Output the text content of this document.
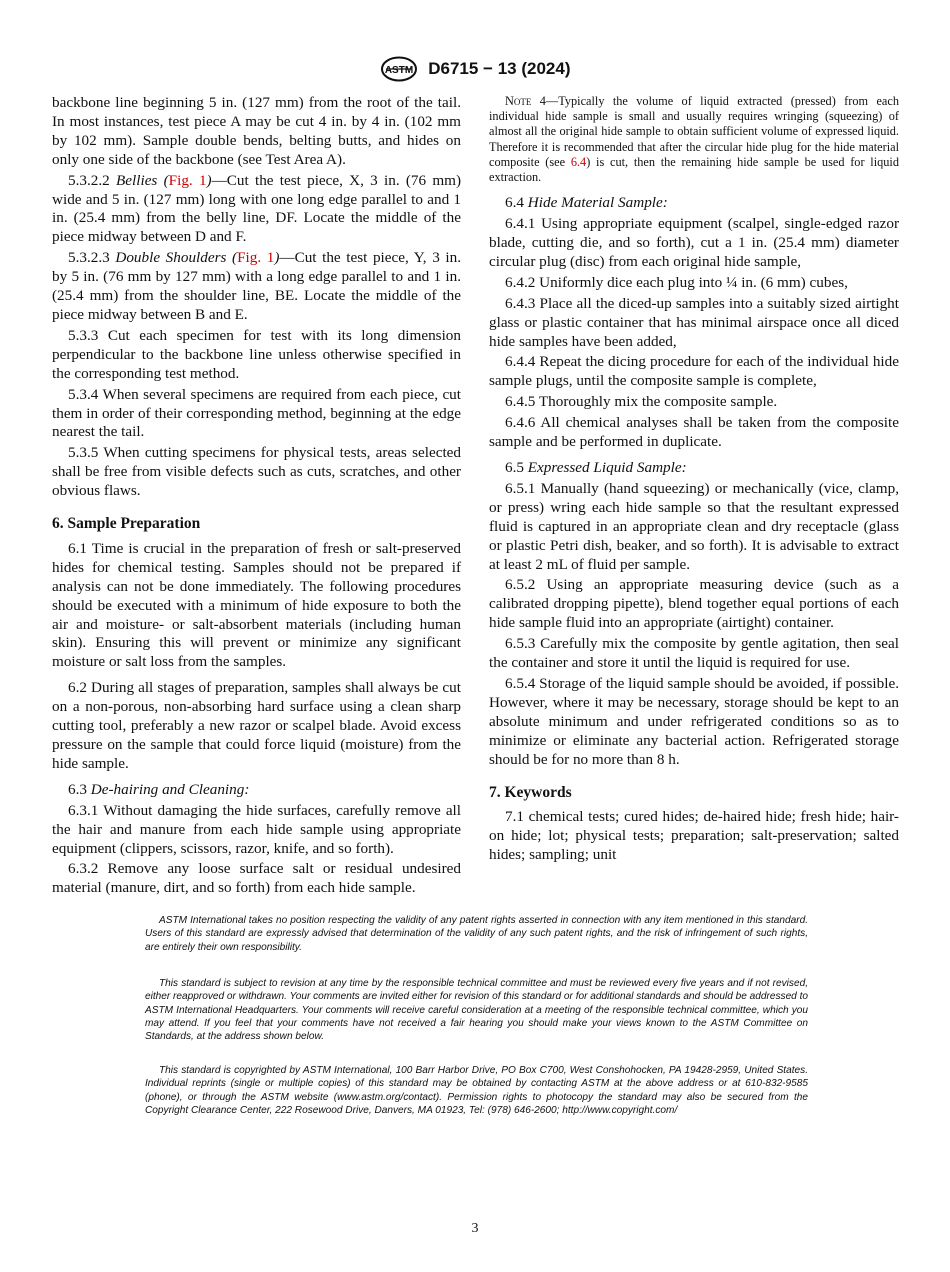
ASTM D6715 − 13 (2024)

backbone line beginning 5 in. (127 mm) from the root of the tail. In most instances, test piece A may be cut 4 in. by 4 in. (102 mm by 102 mm). Sample double bends, belting butts, and hides on only one side of the backbone (see Test Area A).

5.3.2.2 Bellies (Fig. 1)—Cut the test piece, X, 3 in. (76 mm) wide and 5 in. (127 mm) long with one long edge parallel to and 1 in. (25.4 mm) from the belly line, DF. Locate the middle of the piece midway between D and F.

5.3.2.3 Double Shoulders (Fig. 1)—Cut the test piece, Y, 3 in. by 5 in. (76 mm by 127 mm) with a long edge parallel to and 1 in. (25.4 mm) from the shoulder line, BE. Locate the middle of the piece midway between B and E.

5.3.3 Cut each specimen for test with its long dimension perpendicular to the backbone line unless otherwise specified in the corresponding test method.

5.3.4 When several specimens are required from each piece, cut them in order of their corresponding method, beginning at the edge nearest the tail.

5.3.5 When cutting specimens for physical tests, areas selected shall be free from visible defects such as cuts, scratches, and other obvious flaws.

6. Sample Preparation

6.1 Time is crucial in the preparation of fresh or salt-preserved hides for chemical testing. Samples should not be prepared if analysis can not be done immediately. The following procedures should be executed with a minimum of hide exposure to both the air and moisture- or salt-absorbent materials (including human skin). Ensuring this will prevent or minimize any significant moisture or salt loss from the samples.

6.2 During all stages of preparation, samples shall always be cut on a non-porous, non-absorbing hard surface using a clean sharp cutting tool, preferably a new razor or scalpel blade. Avoid excess pressure on the sample that could force liquid (moisture) from the hide sample.

6.3 De-hairing and Cleaning:

6.3.1 Without damaging the hide surfaces, carefully remove all the hair and manure from each hide sample using appropriate equipment (clippers, scissors, razor, knife, and so forth).

6.3.2 Remove any loose surface salt or residual undesired material (manure, dirt, and so forth) from each hide sample.

Note 4—Typically the volume of liquid extracted (pressed) from each individual hide sample is small and usually requires wringing (squeezing) of almost all the original hide sample to obtain sufficient volume of expressed liquid. Therefore it is recommended that after the circular hide plug for the hide material composite (see 6.4) is cut, then the remaining hide sample be used for liquid extraction.

6.4 Hide Material Sample:

6.4.1 Using appropriate equipment (scalpel, single-edged razor blade, cutting die, and so forth), cut a 1 in. (25.4 mm) diameter circular plug (disc) from each original hide sample,

6.4.2 Uniformly dice each plug into ¼ in. (6 mm) cubes,

6.4.3 Place all the diced-up samples into a suitably sized airtight glass or plastic container that has minimal airspace once all diced hide samples have been added,

6.4.4 Repeat the dicing procedure for each of the individual hide sample plugs, until the composite sample is complete,

6.4.5 Thoroughly mix the composite sample.

6.4.6 All chemical analyses shall be taken from the composite sample and be performed in duplicate.

6.5 Expressed Liquid Sample:

6.5.1 Manually (hand squeezing) or mechanically (vice, clamp, or press) wring each hide sample so that the resultant expressed fluid is captured in an appropriate clean and dry receptacle (glass or plastic Petri dish, beaker, and so forth). It is advisable to extract at least 2 mL of fluid per sample.

6.5.2 Using an appropriate measuring device (such as a calibrated dropping pipette), blend together equal portions of each hide sample fluid into an appropriate (airtight) container.

6.5.3 Carefully mix the composite by gentle agitation, then seal the container and store it until the liquid is required for use.

6.5.4 Storage of the liquid sample should be avoided, if possible. However, where it may be necessary, storage should be kept to an absolute minimum and under refrigerated conditions so as to minimize or eliminate any bacterial action. Refrigerated storage should be for no more than 8 h.

7. Keywords

7.1 chemical tests; cured hides; de-haired hide; fresh hide; hair-on hide; lot; physical tests; preparation; salt-preservation; salted hides; sampling; unit

ASTM International takes no position respecting the validity of any patent rights asserted in connection with any item mentioned in this standard. Users of this standard are expressly advised that determination of the validity of any such patent rights, and the risk of infringement of such rights, are entirely their own responsibility.

This standard is subject to revision at any time by the responsible technical committee and must be reviewed every five years and if not revised, either reapproved or withdrawn. Your comments are invited either for revision of this standard or for additional standards and should be addressed to ASTM International Headquarters. Your comments will receive careful consideration at a meeting of the responsible technical committee, which you may attend. If you feel that your comments have not received a fair hearing you should make your views known to the ASTM Committee on Standards, at the address shown below.

This standard is copyrighted by ASTM International, 100 Barr Harbor Drive, PO Box C700, West Conshohocken, PA 19428-2959, United States. Individual reprints (single or multiple copies) of this standard may be obtained by contacting ASTM at the above address or at 610-832-9585 (phone), or through the ASTM website (www.astm.org/contact). Permission rights to photocopy the standard may also be secured from the Copyright Clearance Center, 222 Rosewood Drive, Danvers, MA 01923, Tel: (978) 646-2600; http://www.copyright.com/

3
